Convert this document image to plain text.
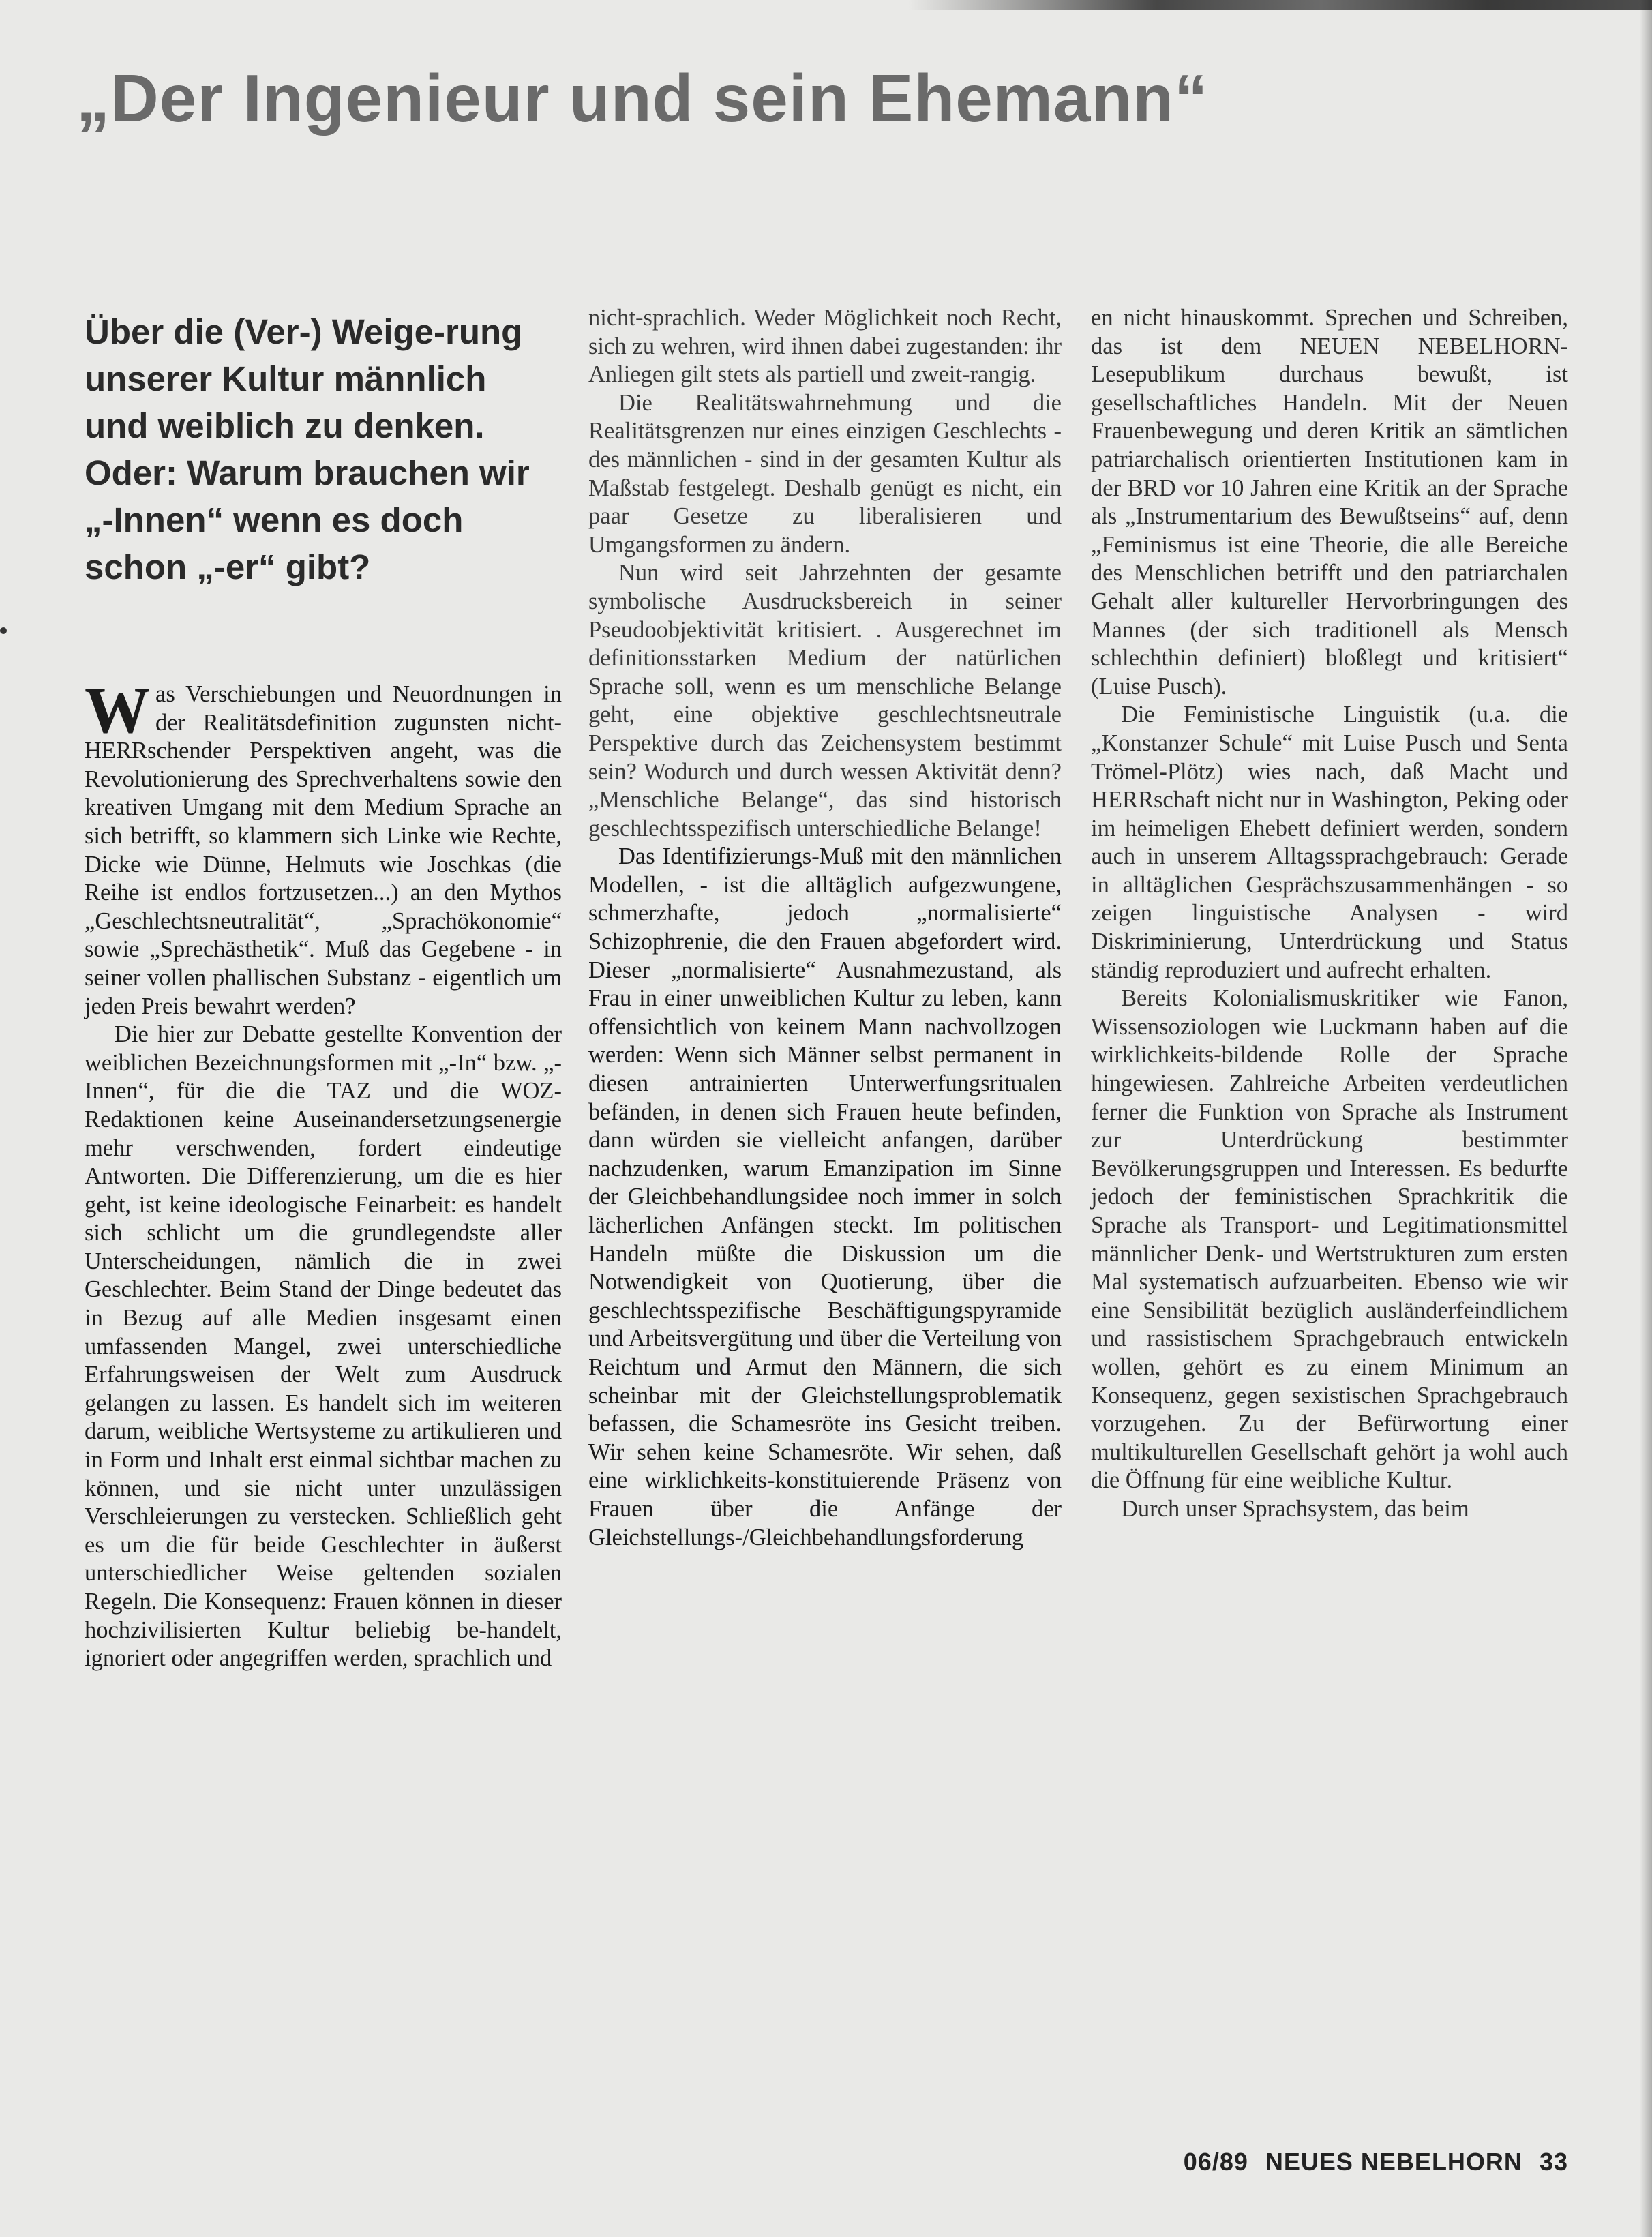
„Der Ingenieur und sein Ehemann“
Über die (Ver-) Weige-rung unserer Kultur männlich und weiblich zu denken. Oder: Warum brauchen wir „-Innen“ wenn es doch schon „-er“ gibt?

Was Verschiebungen und Neuordnungen in der Realitätsdefinition zugunsten nicht-HERRschender Perspektiven angeht, was die Revolutionierung des Sprechverhaltens sowie den kreativen Umgang mit dem Medium Sprache an sich betrifft, so klammern sich Linke wie Rechte, Dicke wie Dünne, Helmuts wie Joschkas (die Reihe ist endlos fortzusetzen...) an den Mythos „Geschlechtsneutralität“, „Sprachökonomie“ sowie „Sprechästhetik“. Muß das Gegebene - in seiner vollen phallischen Substanz - eigentlich um jeden Preis bewahrt werden?

Die hier zur Debatte gestellte Konvention der weiblichen Bezeichnungsformen mit „-In“ bzw. „-Innen“, für die die TAZ und die WOZ-Redaktionen keine Auseinandersetzungsenergie mehr verschwenden, fordert eindeutige Antworten. Die Differenzierung, um die es hier geht, ist keine ideologische Feinarbeit: es handelt sich schlicht um die grundlegendste aller Unterscheidungen, nämlich die in zwei Geschlechter. Beim Stand der Dinge bedeutet das in Bezug auf alle Medien insgesamt einen umfassenden Mangel, zwei unterschiedliche Erfahrungsweisen der Welt zum Ausdruck gelangen zu lassen. Es handelt sich im weiteren darum, weibliche Wertsysteme zu artikulieren und in Form und Inhalt erst einmal sichtbar machen zu können, und sie nicht unter unzulässigen Verschleierungen zu verstecken. Schließlich geht es um die für beide Geschlechter in äußerst unterschiedlicher Weise geltenden sozialen Regeln. Die Konsequenz: Frauen können in dieser hochzivilisierten Kultur beliebig be-handelt, ignoriert oder angegriffen werden, sprachlich und

nicht-sprachlich. Weder Möglichkeit noch Recht, sich zu wehren, wird ihnen dabei zugestanden: ihr Anliegen gilt stets als partiell und zweit-rangig.

Die Realitätswahrnehmung und die Realitätsgrenzen nur eines einzigen Geschlechts - des männlichen - sind in der gesamten Kultur als Maßstab festgelegt. Deshalb genügt es nicht, ein paar Gesetze zu liberalisieren und Umgangsformen zu ändern.

Nun wird seit Jahrzehnten der gesamte symbolische Ausdrucksbereich in seiner Pseudoobjektivität kritisiert. . Ausgerechnet im definitionsstarken Medium der natürlichen Sprache soll, wenn es um menschliche Belange geht, eine objektive geschlechtsneutrale Perspektive durch das Zeichensystem bestimmt sein? Wodurch und durch wessen Aktivität denn? „Menschliche Belange“, das sind historisch geschlechtsspezifisch unterschiedliche Belange!

Das Identifizierungs-Muß mit den männlichen Modellen, - ist die alltäglich aufgezwungene, schmerzhafte, jedoch „normalisierte“ Schizophrenie, die den Frauen abgefordert wird. Dieser „normalisierte“ Ausnahmezustand, als Frau in einer unweiblichen Kultur zu leben, kann offensichtlich von keinem Mann nachvollzogen werden: Wenn sich Männer selbst permanent in diesen antrainierten Unterwerfungsritualen befänden, in denen sich Frauen heute befinden, dann würden sie vielleicht anfangen, darüber nachzudenken, warum Emanzipation im Sinne der Gleichbehandlungsidee noch immer in solch lächerlichen Anfängen steckt. Im politischen Handeln müßte die Diskussion um die Notwendigkeit von Quotierung, über die geschlechtsspezifische Beschäftigungspyramide und Arbeitsvergütung und über die Verteilung von Reichtum und Armut den Männern, die sich scheinbar mit der Gleichstellungsproblematik befassen, die Schamesröte ins Gesicht treiben. Wir sehen keine Schamesröte. Wir sehen, daß eine wirklichkeits-konstituierende Präsenz von Frauen über die Anfänge der Gleichstellungs-/Gleichbehandlungsforderung

en nicht hinauskommt. Sprechen und Schreiben, das ist dem NEUEN NEBELHORN-Lesepublikum durchaus bewußt, ist gesellschaftliches Handeln. Mit der Neuen Frauenbewegung und deren Kritik an sämtlichen patriarchalisch orientierten Institutionen kam in der BRD vor 10 Jahren eine Kritik an der Sprache als „Instrumentarium des Bewußtseins“ auf, denn „Feminismus ist eine Theorie, die alle Bereiche des Menschlichen betrifft und den patriarchalen Gehalt aller kultureller Hervorbringungen des Mannes (der sich traditionell als Mensch schlechthin definiert) bloßlegt und kritisiert“ (Luise Pusch).

Die Feministische Linguistik (u.a. die „Konstanzer Schule“ mit Luise Pusch und Senta Trömel-Plötz) wies nach, daß Macht und HERRschaft nicht nur in Washington, Peking oder im heimeligen Ehebett definiert werden, sondern auch in unserem Alltagssprachgebrauch: Gerade in alltäglichen Gesprächszusammenhängen - so zeigen linguistische Analysen - wird Diskriminierung, Unterdrückung und Status ständig reproduziert und aufrecht erhalten.

Bereits Kolonialismuskritiker wie Fanon, Wissensoziologen wie Luckmann haben auf die wirklichkeits-bildende Rolle der Sprache hingewiesen. Zahlreiche Arbeiten verdeutlichen ferner die Funktion von Sprache als Instrument zur Unterdrückung bestimmter Bevölkerungsgruppen und Interessen. Es bedurfte jedoch der feministischen Sprachkritik die Sprache als Transport- und Legitimationsmittel männlicher Denk- und Wertstrukturen zum ersten Mal systematisch aufzuarbeiten. Ebenso wie wir eine Sensibilität bezüglich ausländerfeindlichem und rassistischem Sprachgebrauch entwickeln wollen, gehört es zu einem Minimum an Konsequenz, gegen sexistischen Sprachgebrauch vorzugehen. Zu der Befürwortung einer multikulturellen Gesellschaft gehört ja wohl auch die Öffnung für eine weibliche Kultur.

Durch unser Sprachsystem, das beim

06/89 NEUES NEBELHORN 33
